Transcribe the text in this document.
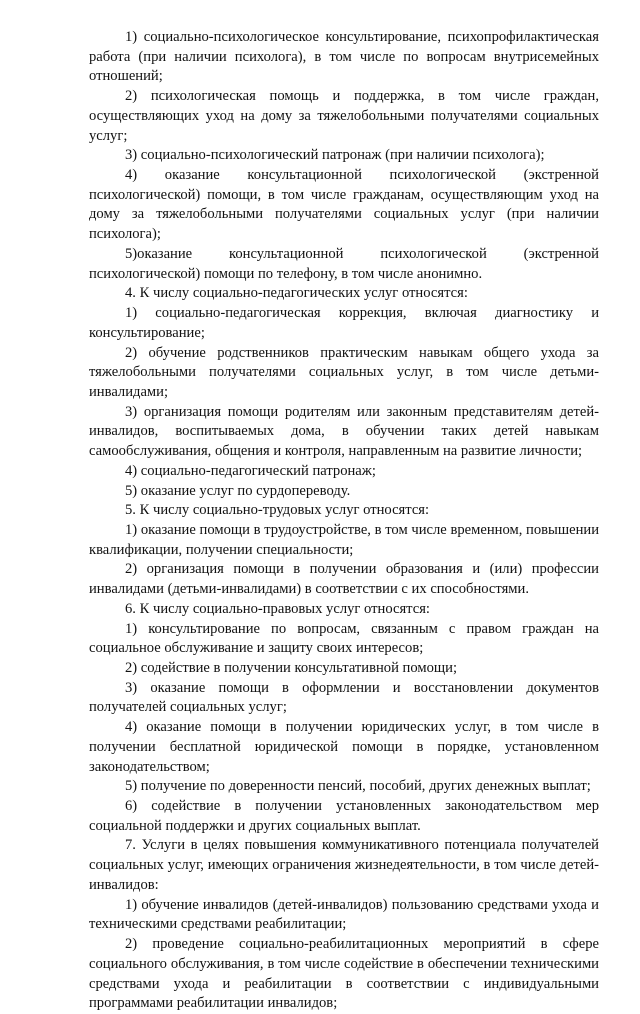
1) социально-психологическое консультирование, психопрофилактическая работа (при наличии психолога), в том числе по вопросам внутрисемейных отношений;

2) психологическая помощь и поддержка, в том числе граждан, осуществляющих уход на дому за тяжелобольными получателями социальных услуг;

3) социально-психологический патронаж (при наличии психолога);

4) оказание консультационной психологической (экстренной психологической) помощи, в том числе гражданам, осуществляющим уход на дому за тяжелобольными получателями социальных услуг (при наличии психолога);

5)оказание консультационной психологической (экстренной психологической) помощи по телефону, в том числе анонимно.

4. К числу социально-педагогических услуг относятся:

1) социально-педагогическая коррекция, включая диагностику и консультирование;

2) обучение родственников практическим навыкам общего ухода за тяжелобольными получателями социальных услуг, в том числе детьми-инвалидами;

3) организация помощи родителям или законным представителям детей-инвалидов, воспитываемых дома, в обучении таких детей навыкам самообслуживания, общения и контроля, направленным на развитие личности;

4) социально-педагогический патронаж;

5) оказание услуг по сурдопереводу.

5. К числу социально-трудовых услуг относятся:

1) оказание помощи в трудоустройстве, в том числе временном, повышении квалификации, получении специальности;

2) организация помощи в получении образования и (или) профессии инвалидами (детьми-инвалидами) в соответствии с их способностями.

6. К числу социально-правовых услуг относятся:

1) консультирование по вопросам, связанным с правом граждан на социальное обслуживание и защиту своих интересов;

2) содействие в получении консультативной помощи;

3) оказание помощи в оформлении и восстановлении документов получателей социальных услуг;

4) оказание помощи в получении юридических услуг, в том числе в получении бесплатной юридической помощи в порядке, установленном законодательством;

5) получение по доверенности пенсий, пособий, других денежных выплат;

6) содействие в получении установленных законодательством мер социальной поддержки и других социальных выплат.

7. Услуги в целях повышения коммуникативного потенциала получателей социальных услуг, имеющих ограничения жизнедеятельности, в том числе детей-инвалидов:

1) обучение инвалидов (детей-инвалидов) пользованию средствами ухода и техническими средствами реабилитации;

2) проведение социально-реабилитационных мероприятий в сфере социального обслуживания, в том числе содействие в обеспечении техническими средствами ухода и реабилитации в соответствии с индивидуальными программами реабилитации инвалидов;
